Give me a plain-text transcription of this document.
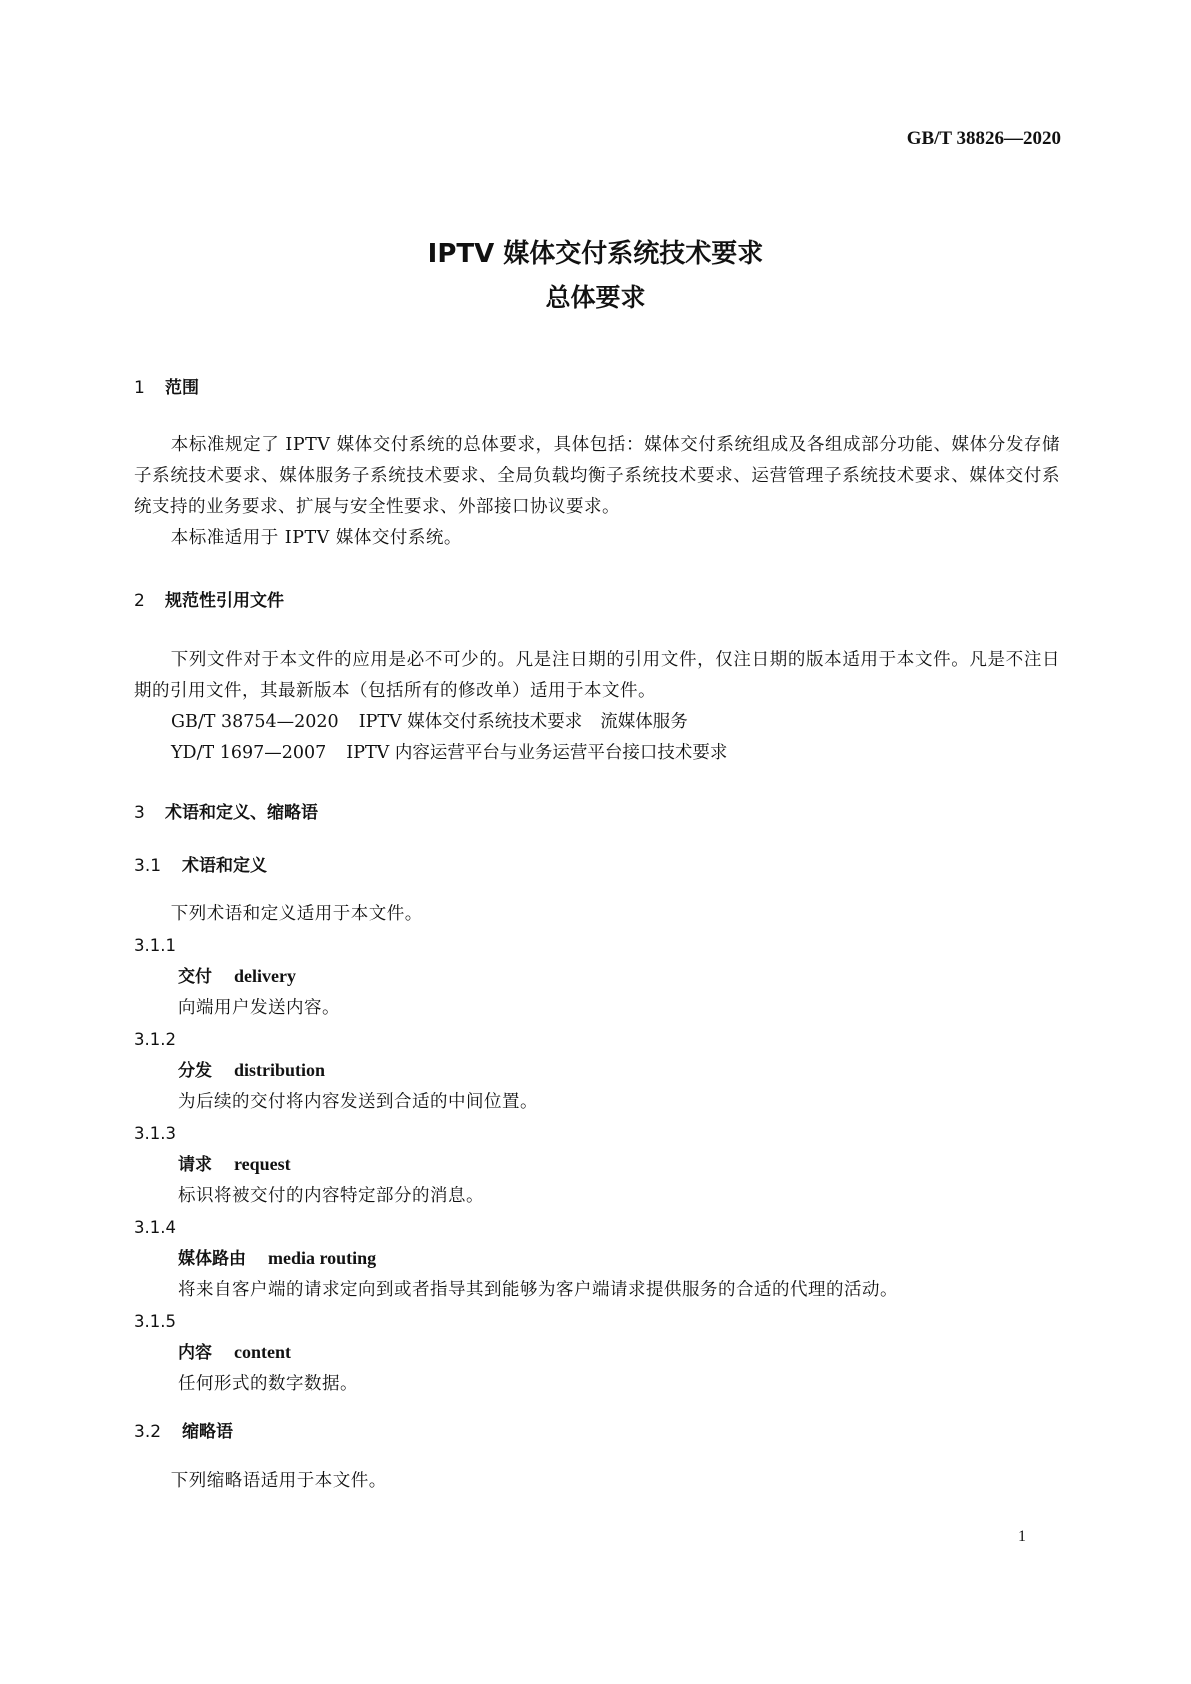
GB/T 38826—2020
IPTV 媒体交付系统技术要求
总体要求
1 范围
本标准规定了 IPTV 媒体交付系统的总体要求，具体包括：媒体交付系统组成及各组成部分功能、媒体分发存储子系统技术要求、媒体服务子系统技术要求、全局负载均衡子系统技术要求、运营管理子系统技术要求、媒体交付系统支持的业务要求、扩展与安全性要求、外部接口协议要求。
本标准适用于 IPTV 媒体交付系统。
2 规范性引用文件
下列文件对于本文件的应用是必不可少的。凡是注日期的引用文件，仅注日期的版本适用于本文件。凡是不注日期的引用文件，其最新版本（包括所有的修改单）适用于本文件。
GB/T 38754—2020 IPTV 媒体交付系统技术要求 流媒体服务
YD/T 1697—2007 IPTV 内容运营平台与业务运营平台接口技术要求
3 术语和定义、缩略语
3.1 术语和定义
下列术语和定义适用于本文件。
3.1.1
交付 delivery
向端用户发送内容。
3.1.2
分发 distribution
为后续的交付将内容发送到合适的中间位置。
3.1.3
请求 request
标识将被交付的内容特定部分的消息。
3.1.4
媒体路由 media routing
将来自客户端的请求定向到或者指导其到能够为客户端请求提供服务的合适的代理的活动。
3.1.5
内容 content
任何形式的数字数据。
3.2 缩略语
下列缩略语适用于本文件。
1
